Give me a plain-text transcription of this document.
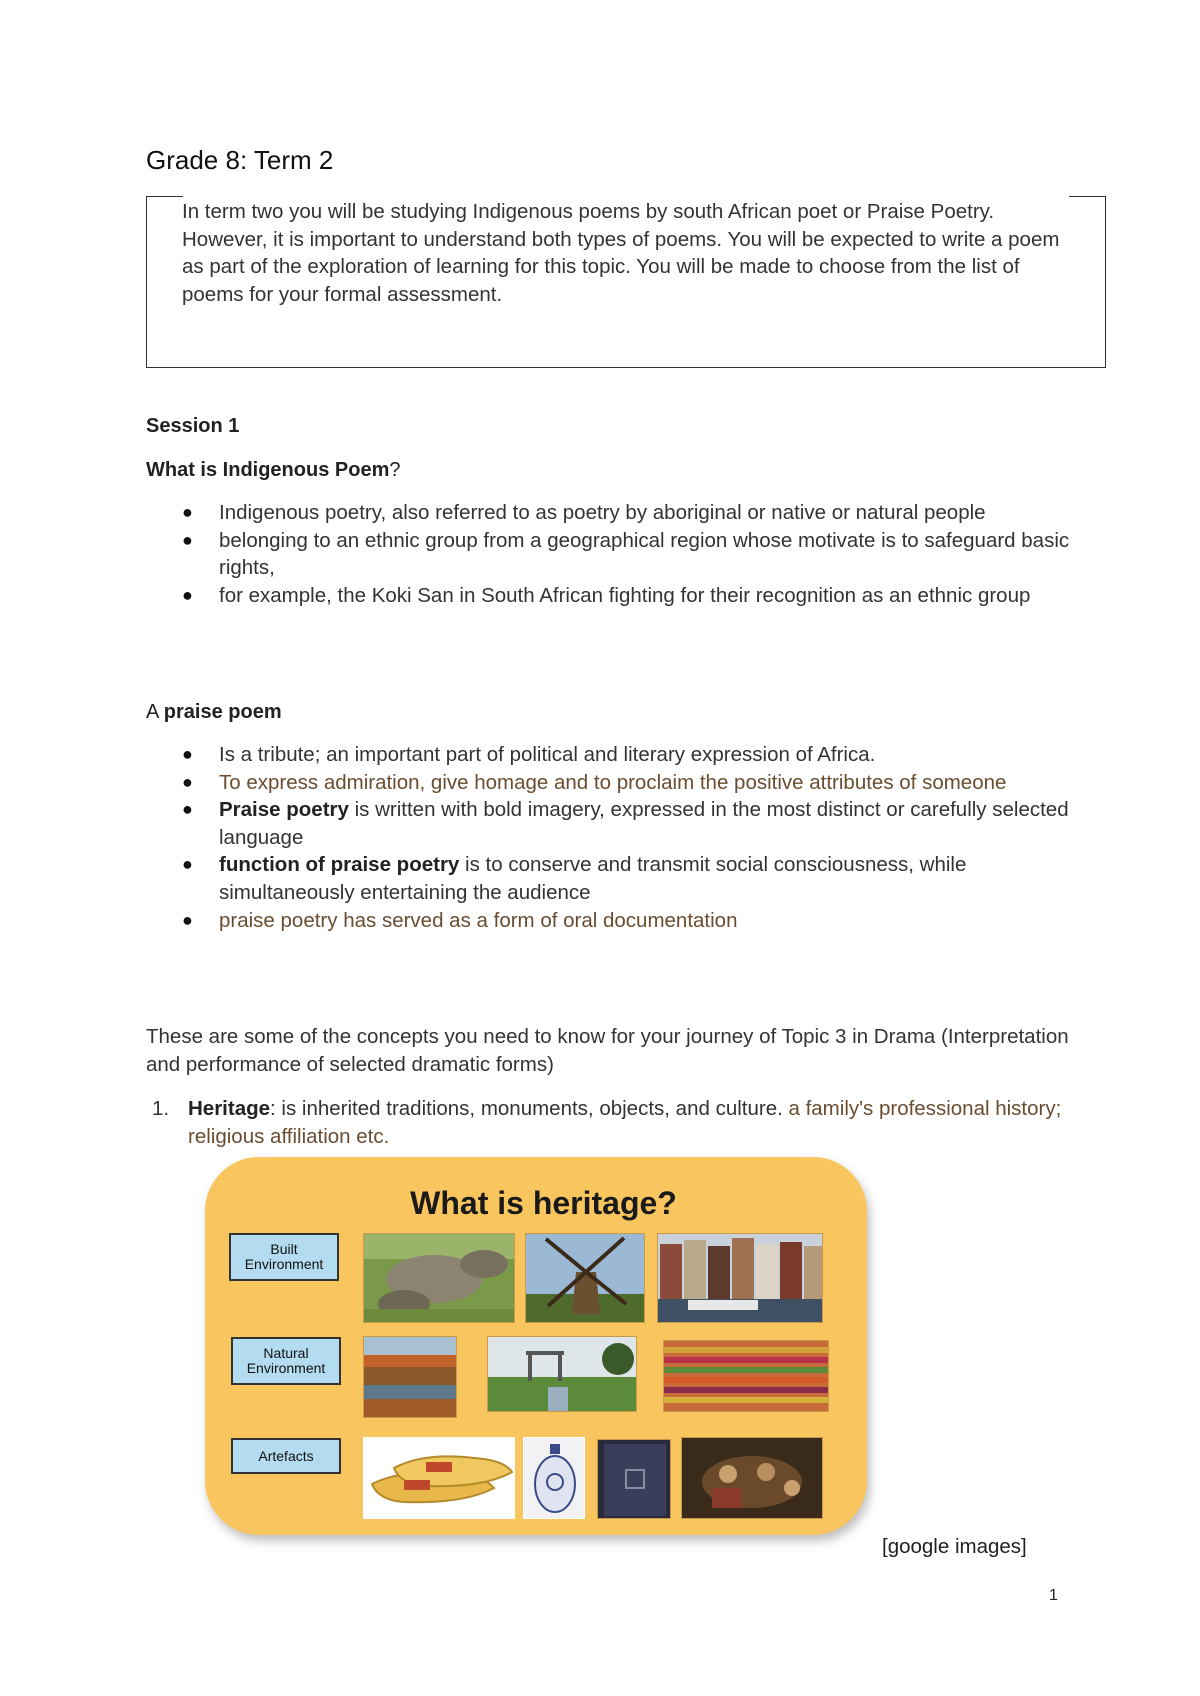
Grade 8: Term 2

In term two you will be studying Indigenous poems by south African poet or Praise Poetry. However, it is important to understand both types of poems. You will be expected to write a poem as part of the exploration of learning for this topic. You will be made to choose from the list of poems for your formal assessment.

Session 1
What is Indigenous Poem?
● Indigenous poetry, also referred to as poetry by aboriginal or native or natural people
● belonging to an ethnic group from a geographical region whose motivate is to safeguard basic rights,
● for example, the Koki San in South African fighting for their recognition as an ethnic group
A praise poem
● Is a tribute; an important part of political and literary expression of Africa.
● To express admiration, give homage and to proclaim the positive attributes of someone
● Praise poetry is written with bold imagery, expressed in the most distinct or carefully selected language
● function of praise poetry is to conserve and transmit social consciousness, while simultaneously entertaining the audience
● praise poetry has served as a form of oral documentation
These are some of the concepts you need to know for your journey of Topic 3 in Drama (Interpretation and performance of selected dramatic forms)
1. Heritage: is inherited traditions, monuments, objects, and culture. a family's professional history; religious affiliation etc.
What is heritage?
Built Environment
Natural Environment
Artefacts
[google images]
1
